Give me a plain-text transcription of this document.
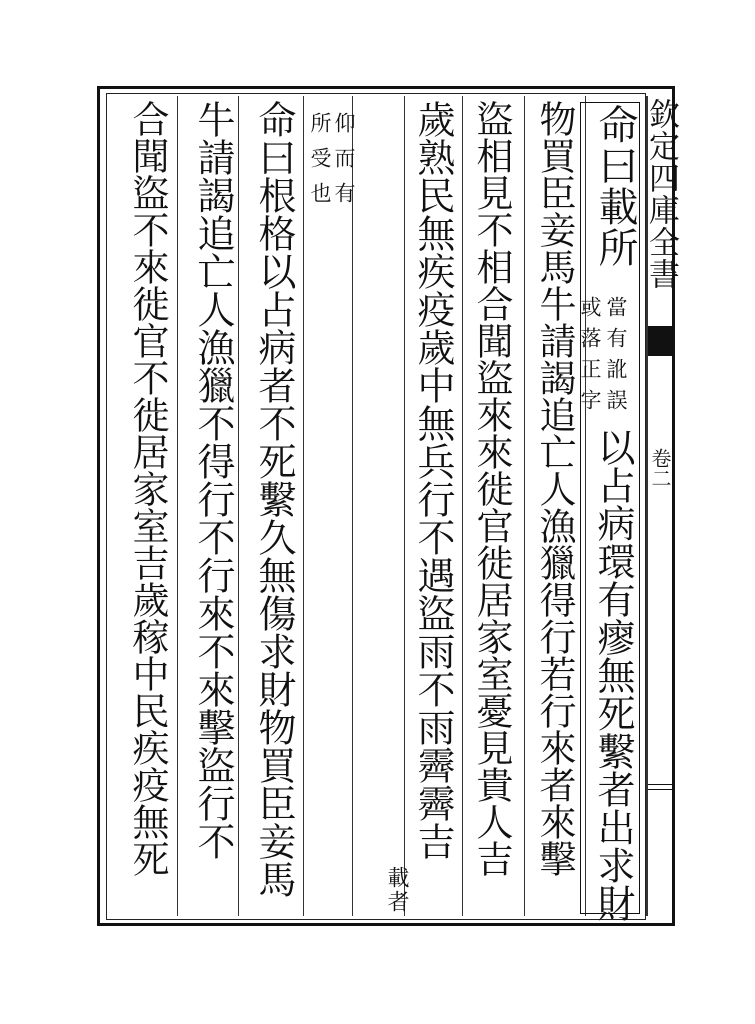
欽定四庫全書
卷二
命曰載所
當有訛誤
或落正字
以占病環有瘳無死繫者出求財
物買臣妾馬牛請謁追亡人漁獵得行若行來者來擊
盜相見不相合聞盜來來徙官徙居家室憂見貴人吉
歲熟民無疾疫歲中無兵行不遇盜雨不雨霽霽吉
載
者
仰而有
所受也
命曰根格以占病者不死繫久無傷求財物買臣妾馬
牛請謁追亡人漁獵不得行不行來不來擊盜行不
合聞盜不來徙官不徙居家室吉歲稼中民疾疫無死
